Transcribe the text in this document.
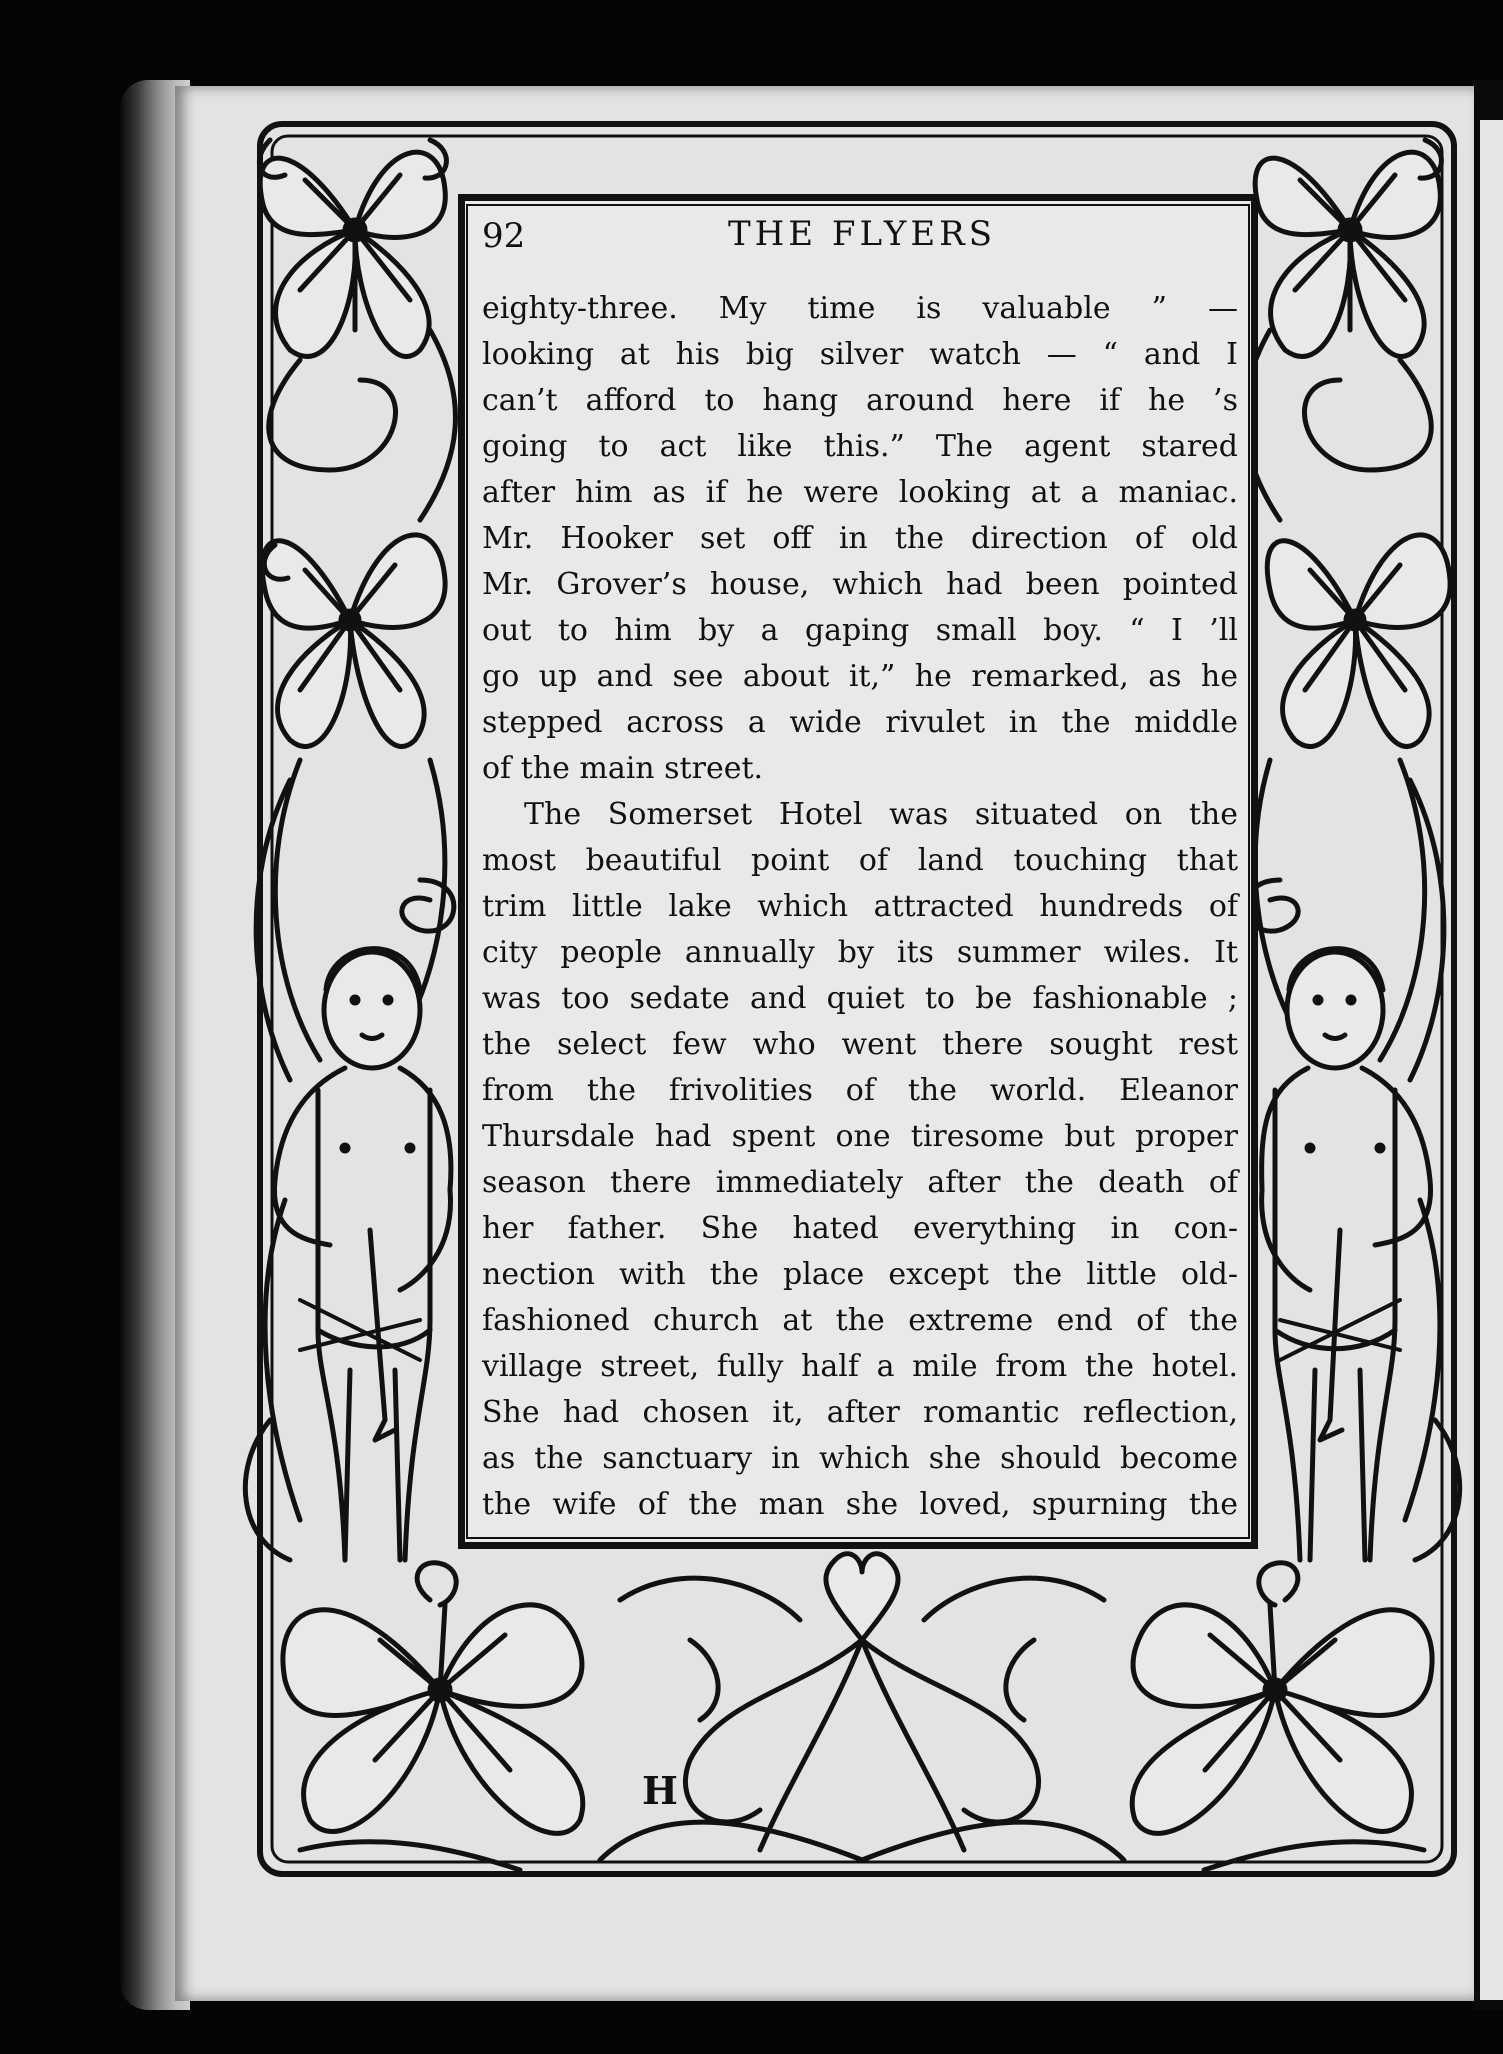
92	THE FLYERS
eighty-three. My time is valuable ” —
looking at his big silver watch — “ and I
can’t afford to hang around here if he ’s
going to act like this.” The agent stared
after him as if he were looking at a maniac.
Mr. Hooker set off in the direction of old
Mr. Grover’s house, which had been pointed
out to him by a gaping small boy. “ I ’ll
go up and see about it,” he remarked, as he
stepped across a wide rivulet in the middle
of the main street.
The Somerset Hotel was situated on the
most beautiful point of land touching that
trim little lake which attracted hundreds of
city people annually by its summer wiles. It
was too sedate and quiet to be fashionable ;
the select few who went there sought rest
from the frivolities of the world. Eleanor
Thursdale had spent one tiresome but proper
season there immediately after the death of
her father. She hated everything in con-
nection with the place except the little old-
fashioned church at the extreme end of the
village street, fully half a mile from the hotel.
She had chosen it, after romantic reflection,
as the sanctuary in which she should become
the wife of the man she loved, spurning the
H
